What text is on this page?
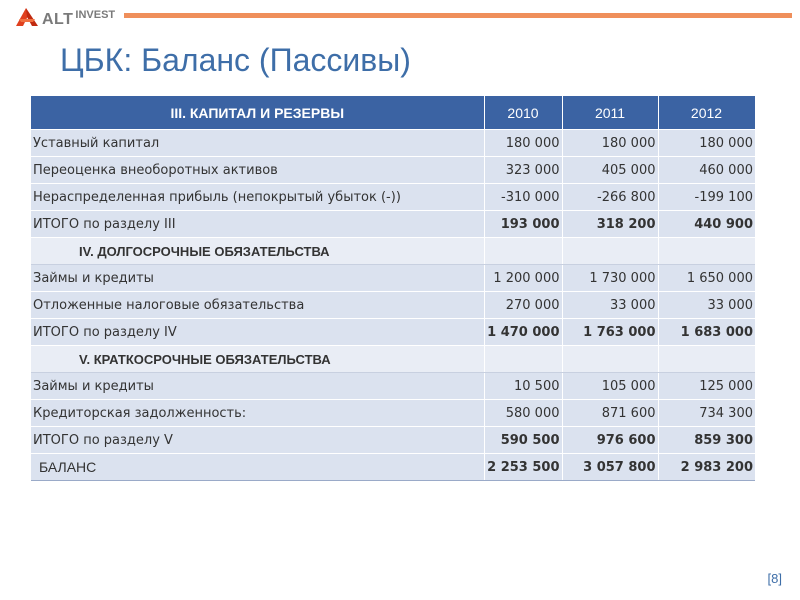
ALT INVEST
ЦБК: Баланс (Пассивы)
III. КАПИТАЛ И РЕЗЕРВЫ	2010	2011	2012
Уставный капитал	180 000	180 000	180 000
Переоценка внеоборотных активов	323 000	405 000	460 000
Нераспределенная прибыль (непокрытый убыток (-))	-310 000	-266 800	-199 100
ИТОГО по разделу III	193 000	318 200	440 900
IV. ДОЛГОСРОЧНЫЕ ОБЯЗАТЕЛЬСТВА			
Займы и кредиты	1 200 000	1 730 000	1 650 000
Отложенные налоговые обязательства	270 000	33 000	33 000
ИТОГО по разделу IV	1 470 000	1 763 000	1 683 000
V. КРАТКОСРОЧНЫЕ ОБЯЗАТЕЛЬСТВА			
Займы и кредиты	10 500	105 000	125 000
Кредиторская задолженность:	580 000	871 600	734 300
ИТОГО по разделу V	590 500	976 600	859 300
БАЛАНС	2 253 500	3 057 800	2 983 200
[8]
